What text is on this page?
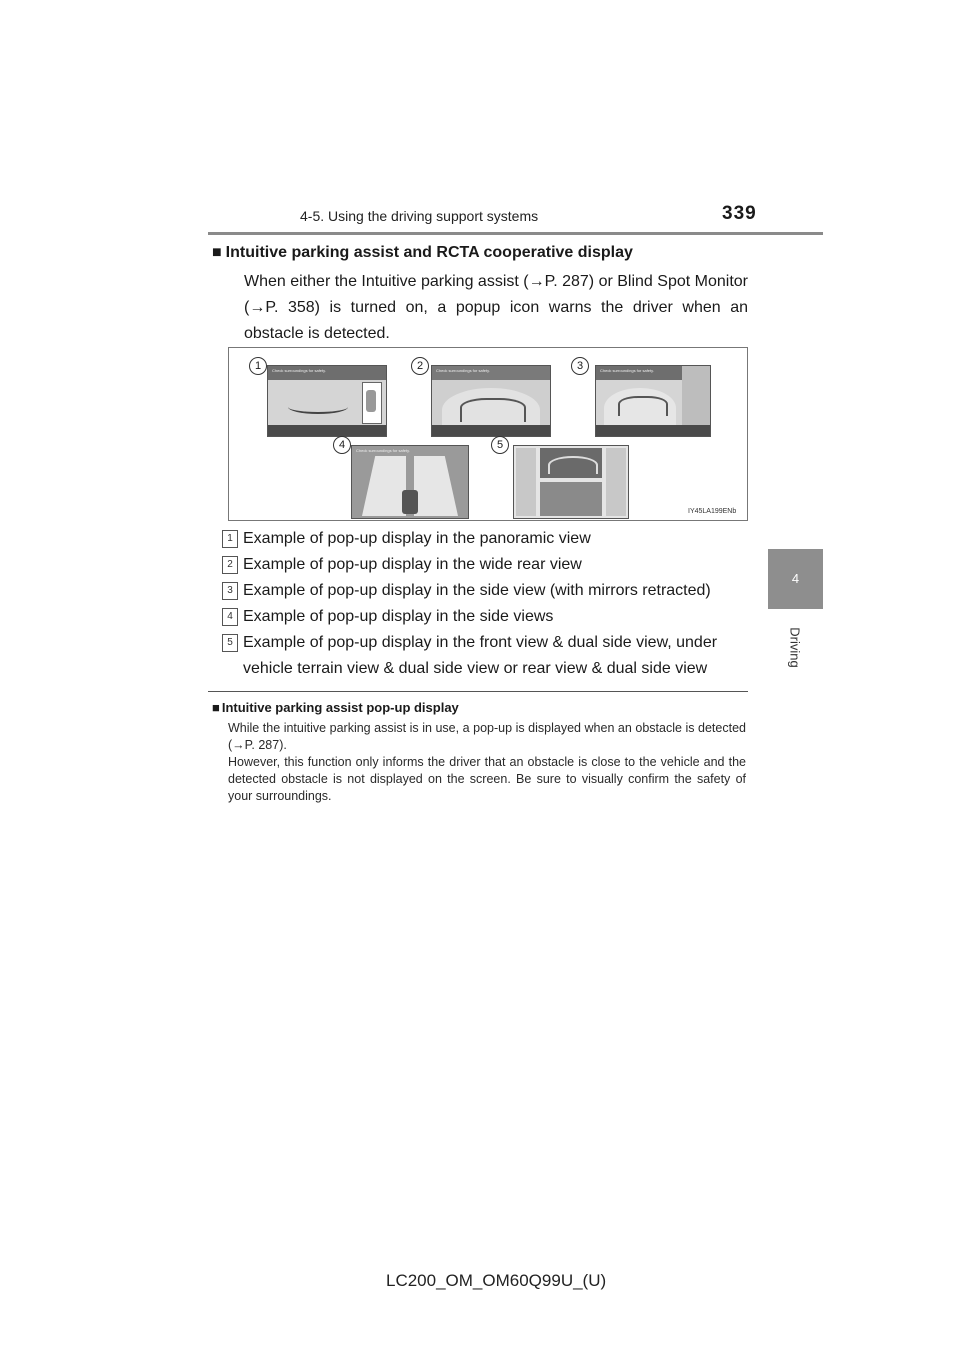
4-5. Using the driving support systems	339
4
Driving
■ Intuitive parking assist and RCTA cooperative display
When either the Intuitive parking assist (→P. 287) or Blind Spot Monitor (→P. 358) is turned on, a popup icon warns the driver when an obstacle is detected.
Check surroundings for safety.	Check surroundings for safety.	Check surroundings for safety.
Check surroundings for safety.
1	2	3
4	5
IY45LA199ENb
1 Example of pop-up display in the panoramic view
2 Example of pop-up display in the wide rear view
3 Example of pop-up display in the side view (with mirrors retracted)
4 Example of pop-up display in the side views
5 Example of pop-up display in the front view & dual side view, under vehicle terrain view & dual side view or rear view & dual side view
■ Intuitive parking assist pop-up display
While the intuitive parking assist is in use, a pop-up is displayed when an obstacle is detected (→P. 287).
However, this function only informs the driver that an obstacle is close to the vehicle and the detected obstacle is not displayed on the screen. Be sure to visually confirm the safety of your surroundings.
LC200_OM_OM60Q99U_(U)
